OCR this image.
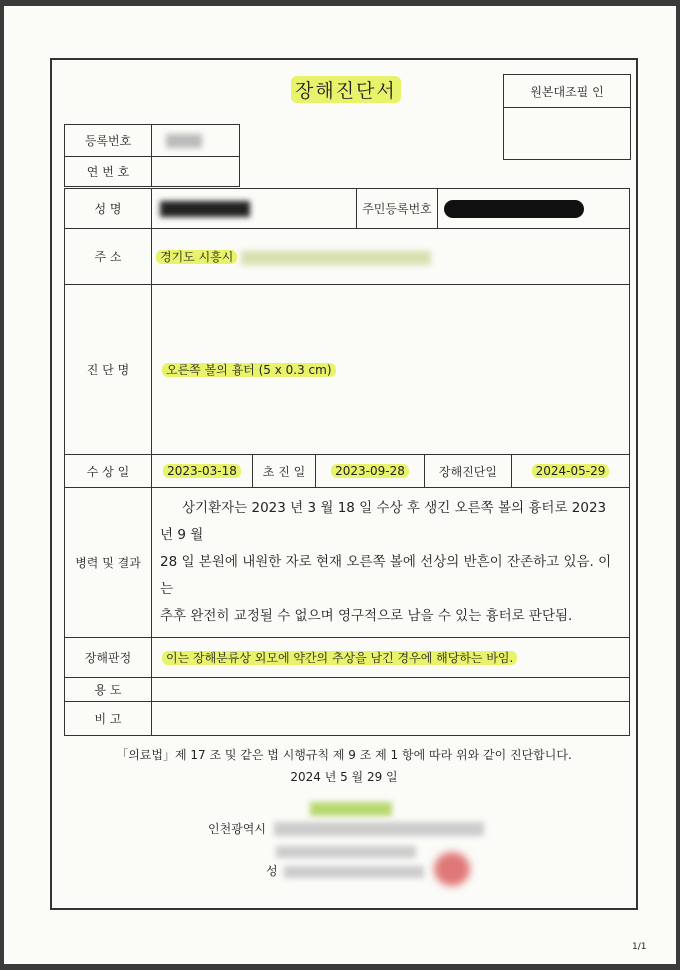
장해진단서	원본대조필 인
등록번호	
연 번 호	
성 명		주민등록번호	
주 소	경기도 시흥시		
진 단 명	오른쪽 볼의 흉터 (5 x 0.3 cm)		
수 상 일	2023-03-18 초 진 일 2023-09-28 장해진단일 2024-05-29		

병력 및 결과	상기환자는 2023 년 3 월 18 일 수상 후 생긴 오른쪽 볼의 흉터로 2023 년 9 월
28 일 본원에 내원한 자로 현재 오른쪽 볼에 선상의 반흔이 잔존하고 있음. 이는
추후 완전히 교정될 수 없으며 영구적으로 남을 수 있는 흉터로 판단됨.		

장해판정	이는 장해분류상 외모에 약간의 추상을 남긴 경우에 해당하는 바임.		
용 도			
비 고			
「의료법」제 17 조 및 같은 법 시행규칙 제 9 조 제 1 항에 따라 위와 같이 진단합니다.
2024 년 5 월 29 일
인천광역시
성
1/1
